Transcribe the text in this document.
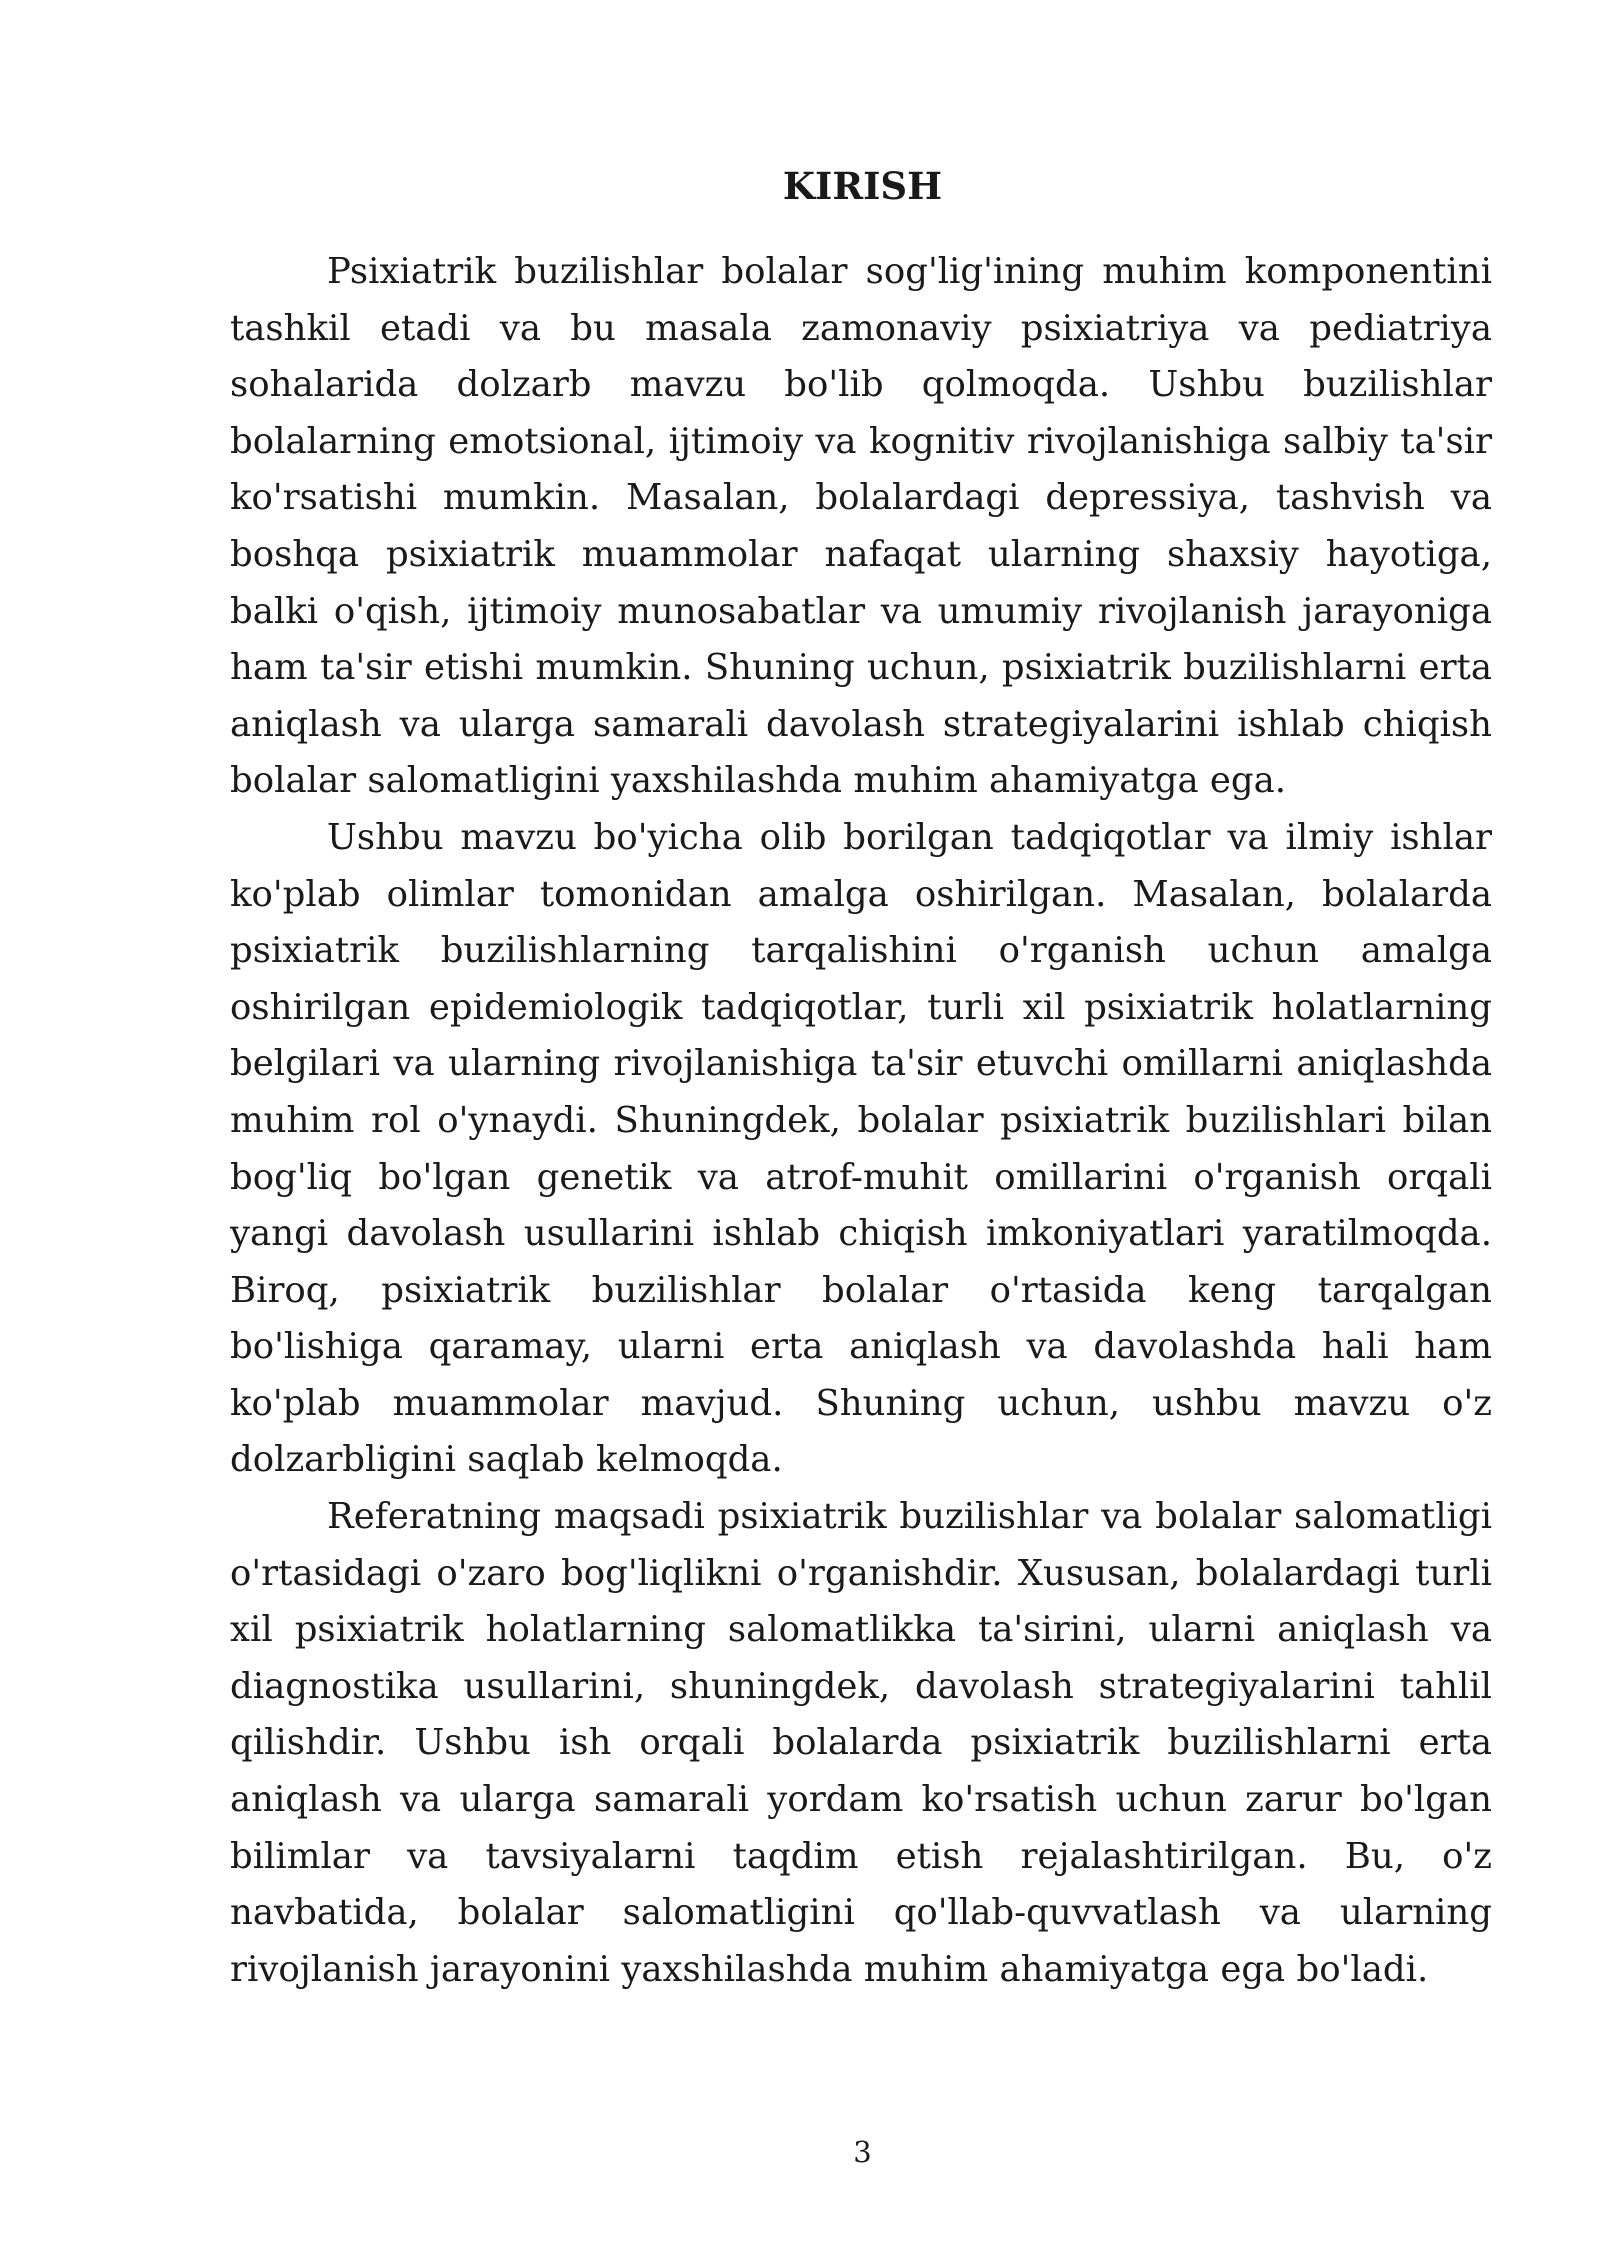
KIRISH

Psixiatrik buzilishlar bolalar sog'lig'ining muhim komponentini tashkil etadi va bu masala zamonaviy psixiatriya va pediatriya sohalarida dolzarb mavzu bo'lib qolmoqda. Ushbu buzilishlar bolalarning emotsional, ijtimoiy va kognitiv rivojlanishiga salbiy ta'sir ko'rsatishi mumkin. Masalan, bolalardagi depressiya, tashvish va boshqa psixiatrik muammolar nafaqat ularning shaxsiy hayotiga, balki o'qish, ijtimoiy munosabatlar va umumiy rivojlanish jarayoniga ham ta'sir etishi mumkin. Shuning uchun, psixiatrik buzilishlarni erta aniqlash va ularga samarali davolash strategiyalarini ishlab chiqish bolalar salomatligini yaxshilashda muhim ahamiyatga ega.

Ushbu mavzu bo'yicha olib borilgan tadqiqotlar va ilmiy ishlar ko'plab olimlar tomonidan amalga oshirilgan. Masalan, bolalarda psixiatrik buzilishlarning tarqalishini o'rganish uchun amalga oshirilgan epidemiologik tadqiqotlar, turli xil psixiatrik holatlarning belgilari va ularning rivojlanishiga ta'sir etuvchi omillarni aniqlashda muhim rol o'ynaydi. Shuningdek, bolalar psixiatrik buzilishlari bilan bog'liq bo'lgan genetik va atrof-muhit omillarini o'rganish orqali yangi davolash usullarini ishlab chiqish imkoniyatlari yaratilmoqda. Biroq, psixiatrik buzilishlar bolalar o'rtasida keng tarqalgan bo'lishiga qaramay, ularni erta aniqlash va davolashda hali ham ko'plab muammolar mavjud. Shuning uchun, ushbu mavzu o'z dolzarbligini saqlab kelmoqda.

Referatning maqsadi psixiatrik buzilishlar va bolalar salomatligi o'rtasidagi o'zaro bog'liqlikni o'rganishdir. Xususan, bolalardagi turli xil psixiatrik holatlarning salomatlikka ta'sirini, ularni aniqlash va diagnostika usullarini, shuningdek, davolash strategiyalarini tahlil qilishdir. Ushbu ish orqali bolalarda psixiatrik buzilishlarni erta aniqlash va ularga samarali yordam ko'rsatish uchun zarur bo'lgan bilimlar va tavsiyalarni taqdim etish rejalashtirilgan. Bu, o'z navbatida, bolalar salomatligini qo'llab-quvvatlash va ularning rivojlanish jarayonini yaxshilashda muhim ahamiyatga ega bo'ladi.

3
